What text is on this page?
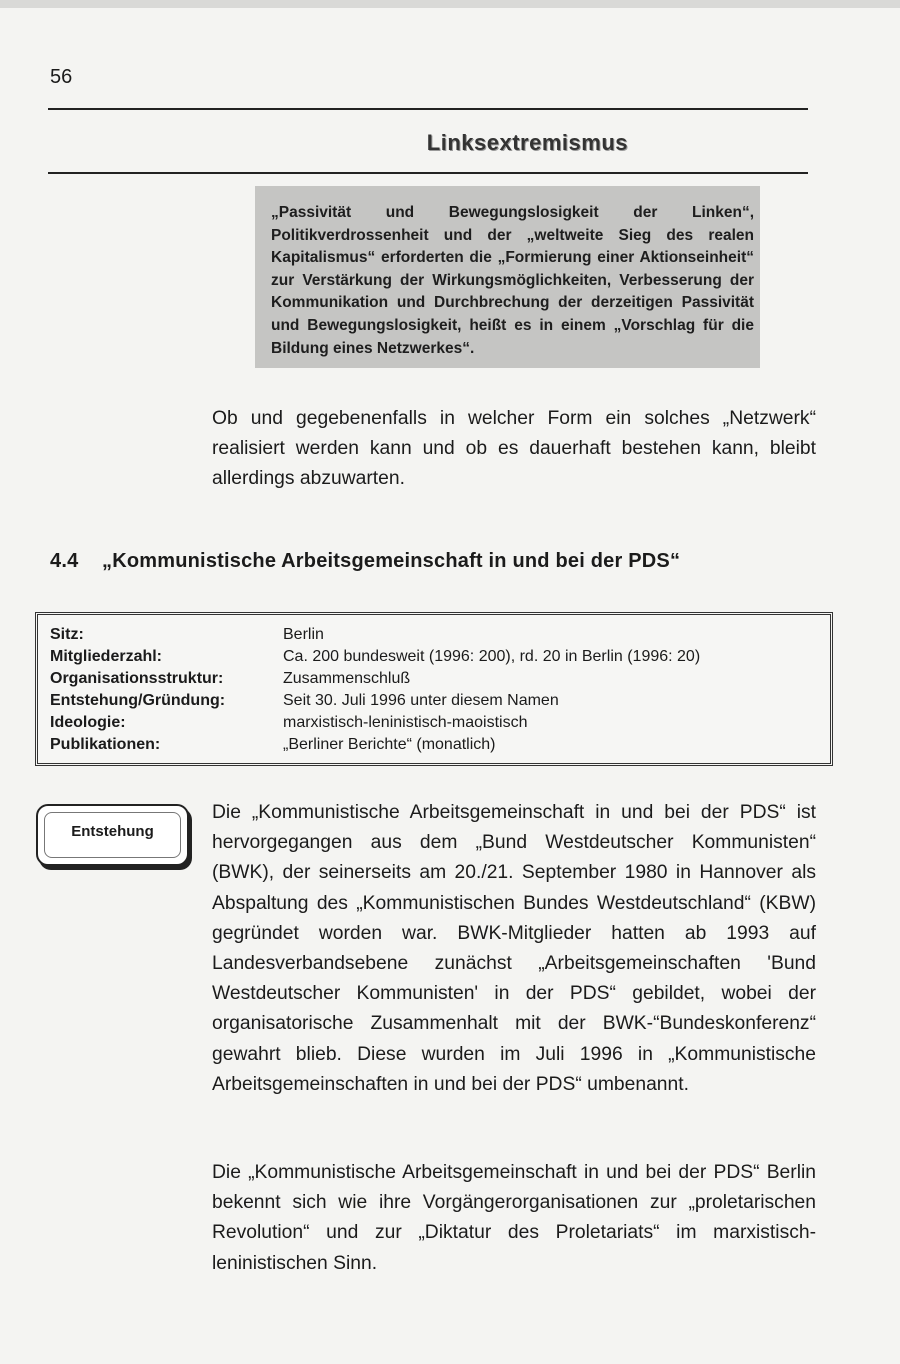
56
Linksextremismus
„Passivität und Bewegungslosigkeit der Linken“, Politikverdrossenheit und der „weltweite Sieg des realen Kapitalismus“ erforderten die „Formierung einer Aktionseinheit“ zur Verstärkung der Wirkungsmöglichkeiten, Verbesserung der Kommunikation und Durchbrechung der derzeitigen Passivität und Bewegungslosigkeit, heißt es in einem „Vorschlag für die Bildung eines Netzwerkes“.
Ob und gegebenenfalls in welcher Form ein solches „Netzwerk“ realisiert werden kann und ob es dauerhaft bestehen kann, bleibt allerdings abzuwarten.
4.4 „Kommunistische Arbeitsgemeinschaft in und bei der PDS“
Sitz:	Berlin
Mitgliederzahl:	Ca. 200 bundesweit (1996: 200), rd. 20 in Berlin (1996: 20)
Organisationsstruktur:	Zusammenschluß
Entstehung/Gründung:	Seit 30. Juli 1996 unter diesem Namen
Ideologie:	marxistisch-leninistisch-maoistisch
Publikationen:	„Berliner Berichte“ (monatlich)
Entstehung
Die „Kommunistische Arbeitsgemeinschaft in und bei der PDS“ ist hervorgegangen aus dem „Bund Westdeutscher Kommunisten“ (BWK), der seinerseits am 20./21. September 1980 in Hannover als Abspaltung des „Kommunistischen Bundes Westdeutschland“ (KBW) gegründet worden war. BWK-Mitglieder hatten ab 1993 auf Landesverbandsebene zunächst „Arbeitsgemeinschaften 'Bund Westdeutscher Kommunisten' in der PDS“ gebildet, wobei der organisatorische Zusammenhalt mit der BWK-“Bundeskonferenz“ gewahrt blieb. Diese wurden im Juli 1996 in „Kommunistische Arbeitsgemeinschaften in und bei der PDS“ umbenannt.
Die „Kommunistische Arbeitsgemeinschaft in und bei der PDS“ Berlin bekennt sich wie ihre Vorgängerorganisationen zur „proletarischen Revolution“ und zur „Diktatur des Proletariats“ im marxistisch-leninistischen Sinn.
